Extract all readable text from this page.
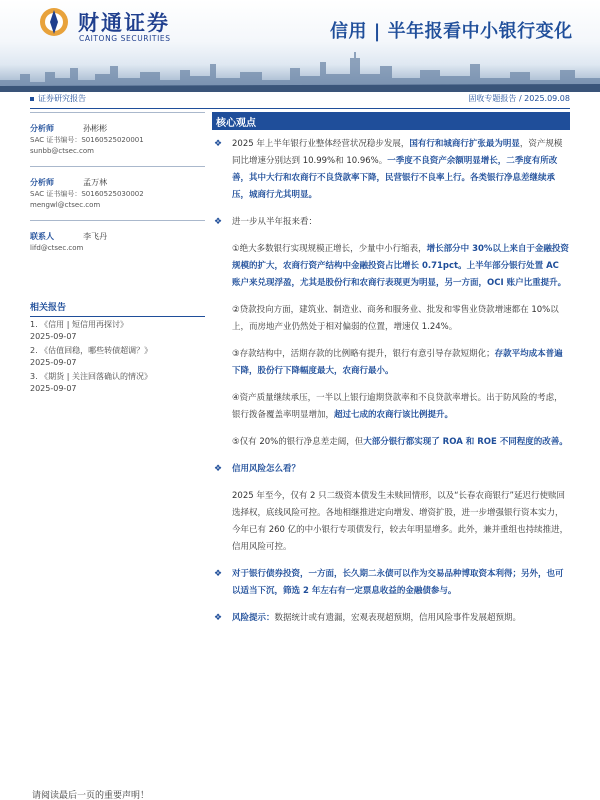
财通证券
CAITONG SECURITIES	信用 | 半年报看中小银行变化
证券研究报告	固收专题报告 / 2025.09.08
分析师	孙彬彬
SAC 证书编号：S0160525020001
sunbb@ctsec.com
分析师	孟万林
SAC 证书编号：S0160525030002
mengwl@ctsec.com
联系人	李飞丹
lifd@ctsec.com
相关报告
1. 《信用 | 短信用再探讨》
2025-09-07
2. 《估值回稳，哪些转债超调？》
2025-09-07
3. 《期货 | 关注回落确认的情况》
2025-09-07
核心观点
❖ 2025 年上半年银行业整体经营状况稳步发展，国有行和城商行扩张最为明显，资产规模同比增速分别达到 10.99%和 10.96%。一季度不良资产余额明显增长，二季度有所改善，其中大行和农商行不良贷款率下降，民营银行不良率上行。各类银行净息差继续承压，城商行尤其明显。
❖ 进一步从半年报来看：
①绝大多数银行实现规模正增长，少量中小行缩表，增长部分中 30%以上来自于金融投资规模的扩大，农商行资产结构中金融投资占比增长 0.71pct。上半年部分银行处置 AC 账户来兑现浮盈，尤其是股份行和农商行表现更为明显，另一方面，OCI 账户比重提升。
②贷款投向方面，建筑业、制造业、商务和服务业、批发和零售业贷款增速都在 10%以上，而房地产业仍然处于相对偏弱的位置，增速仅 1.24%。
③存款结构中，活期存款的比例略有提升，银行有意引导存款短期化；存款平均成本普遍下降，股份行下降幅度最大，农商行最小。
④资产质量继续承压，一半以上银行逾期贷款率和不良贷款率增长。出于防风险的考虑，银行拨备覆盖率明显增加，超过七成的农商行该比例提升。
⑤仅有 20%的银行净息差走阔，但大部分银行都实现了 ROA 和 ROE 不同程度的改善。
❖ 信用风险怎么看？
2025 年至今，仅有 2 只二级资本债发生未赎回情形，以及“长春农商银行”延迟行使赎回选择权，底线风险可控。各地相继推进定向增发、增资扩股，进一步增强银行资本实力，今年已有 260 亿的中小银行专项债发行，较去年明显增多。此外，兼并重组也持续推进，信用风险可控。
❖ 对于银行债券投资，一方面，长久期二永债可以作为交易品种博取资本利得；另外，也可以适当下沉，筛选 2 年左右有一定票息收益的金融债参与。
❖ 风险提示：数据统计或有遗漏，宏观表现超预期，信用风险事件发展超预期。
请阅读最后一页的重要声明！
